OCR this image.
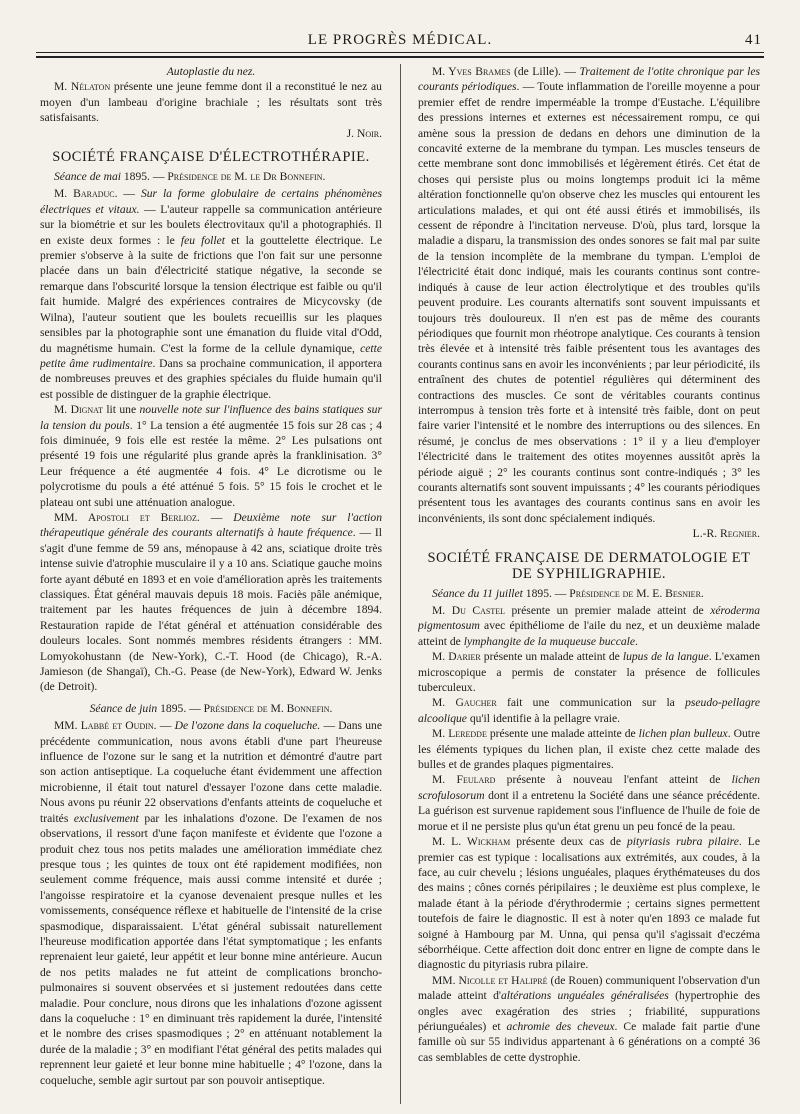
LE PROGRÈS MÉDICAL.	41

Autoplastie du nez.

M. Nélaton présente une jeune femme dont il a reconstitué le nez au moyen d'un lambeau d'origine brachiale ; les résultats sont très satisfaisants.

J. Noir.

SOCIÉTÉ FRANÇAISE D'ÉLECTROTHÉRAPIE.

Séance de mai 1895. — Présidence de M. le Dr Bonnefin.

M. Baraduc. — Sur la forme globulaire de certains phénomènes électriques et vitaux. — L'auteur rappelle sa communication antérieure sur la biométrie et sur les boulets électrovitaux qu'il a photographiés. Il en existe deux formes : le feu follet et la gouttelette électrique. Le premier s'observe à la suite de frictions que l'on fait sur une personne placée dans un bain d'électricité statique négative, la seconde se remarque dans l'obscurité lorsque la tension électrique est faible ou qu'il fait humide. Malgré des expériences contraires de Micycovsky (de Wilna), l'auteur soutient que les boulets recueillis sur les plaques sensibles par la photographie sont une émanation du fluide vital d'Odd, du magnétisme humain. C'est la forme de la cellule dynamique, cette petite âme rudimentaire. Dans sa prochaine communication, il apportera de nombreuses preuves et des graphies spéciales du fluide humain qu'il est possible de distinguer de la graphie électrique.

M. Dignat lit une nouvelle note sur l'influence des bains statiques sur la tension du pouls. 1° La tension a été augmentée 15 fois sur 28 cas ; 4 fois diminuée, 9 fois elle est restée la même. 2° Les pulsations ont présenté 19 fois une régularité plus grande après la franklinisation. 3° Leur fréquence a été augmentée 4 fois. 4° Le dicrotisme ou le polycrotisme du pouls a été atténué 5 fois. 5° 15 fois le crochet et le plateau ont subi une atténuation analogue.

MM. Apostoli et Berlioz. — Deuxième note sur l'action thérapeutique générale des courants alternatifs à haute fréquence. — Il s'agit d'une femme de 59 ans, ménopause à 42 ans, sciatique droite très intense suivie d'atrophie musculaire il y a 10 ans. Sciatique gauche moins forte ayant débuté en 1893 et en voie d'amélioration après les traitements classiques. État général mauvais depuis 18 mois. Faciès pâle anémique, traitement par les hautes fréquences de juin à décembre 1894. Restauration rapide de l'état général et atténuation considérable des douleurs locales. Sont nommés membres résidents étrangers : MM. Lomyokohustann (de New-York), C.-T. Hood (de Chicago), R.-A. Jamieson (de Shangaï), Ch.-G. Pease (de New-York), Edward W. Jenks (de Detroit).

Séance de juin 1895. — Présidence de M. Bonnefin.

MM. Labbé et Oudin. — De l'ozone dans la coqueluche. — Dans une précédente communication, nous avons établi d'une part l'heureuse influence de l'ozone sur le sang et la nutrition et démontré d'autre part son action antiseptique. La coqueluche étant évidemment une affection microbienne, il était tout naturel d'essayer l'ozone dans cette maladie. Nous avons pu réunir 22 observations d'enfants atteints de coqueluche et traités exclusivement par les inhalations d'ozone. De l'examen de nos observations, il ressort d'une façon manifeste et évidente que l'ozone a produit chez tous nos petits malades une amélioration immédiate chez presque tous ; les quintes de toux ont été rapidement modifiées, non seulement comme fréquence, mais aussi comme intensité et durée ; l'angoisse respiratoire et la cyanose devenaient presque nulles et les vomissements, conséquence réflexe et habituelle de l'intensité de la crise spasmodique, disparaissaient. L'état général subissait naturellement l'heureuse modification apportée dans l'état symptomatique ; les enfants reprenaient leur gaieté, leur appétit et leur bonne mine antérieure. Aucun de nos petits malades ne fut atteint de complications broncho-pulmonaires si souvent observées et si justement redoutées dans cette maladie. Pour conclure, nous dirons que les inhalations d'ozone agissent dans la coqueluche : 1° en diminuant très rapidement la durée, l'intensité et le nombre des crises spasmodiques ; 2° en atténuant notablement la durée de la maladie ; 3° en modifiant l'état général des petits malades qui reprennent leur gaieté et leur bonne mine habituelle ; 4° l'ozone, dans la coqueluche, semble agir surtout par son pouvoir antiseptique.

M. Yves Brames (de Lille). — Traitement de l'otite chronique par les courants périodiques. — Toute inflammation de l'oreille moyenne a pour premier effet de rendre imperméable la trompe d'Eustache. L'équilibre des pressions internes et externes est nécessairement rompu, ce qui amène sous la pression de dedans en dehors une diminution de la concavité externe de la membrane du tympan. Les muscles tenseurs de cette membrane sont donc immobilisés et légèrement étirés. Cet état de choses qui persiste plus ou moins longtemps produit ici la même altération fonctionnelle qu'on observe chez les muscles qui entourent les articulations malades, et qui ont été aussi étirés et immobilisés, ils cessent de répondre à l'incitation nerveuse. D'où, plus tard, lorsque la maladie a disparu, la transmission des ondes sonores se fait mal par suite de la tension incomplète de la membrane du tympan. L'emploi de l'électricité était donc indiqué, mais les courants continus sont contre-indiqués à cause de leur action électrolytique et des troubles qu'ils peuvent produire. Les courants alternatifs sont souvent impuissants et toujours très douloureux. Il n'en est pas de même des courants périodiques que fournit mon rhéotrope analytique. Ces courants à tension très élevée et à intensité très faible présentent tous les avantages des courants continus sans en avoir les inconvénients ; par leur périodicité, ils entraînent des chutes de potentiel régulières qui déterminent des contractions des muscles. Ce sont de véritables courants continus interrompus à tension très forte et à intensité très faible, dont on peut faire varier l'intensité et le nombre des interruptions ou des silences. En résumé, je conclus de mes observations : 1° il y a lieu d'employer l'électricité dans le traitement des otites moyennes aussitôt après la période aiguë ; 2° les courants continus sont contre-indiqués ; 3° les courants alternatifs sont souvent impuissants ; 4° les courants périodiques présentent tous les avantages des courants continus sans en avoir les inconvénients, ils sont donc spécialement indiqués.

L.-R. Regnier.

SOCIÉTÉ FRANÇAISE DE DERMATOLOGIE ET DE SYPHILIGRAPHIE.

Séance du 11 juillet 1895. — Présidence de M. E. Besnier.

M. Du Castel présente un premier malade atteint de xéroderma pigmentosum avec épithéliome de l'aile du nez, et un deuxième malade atteint de lymphangite de la muqueuse buccale.

M. Darier présente un malade atteint de lupus de la langue. L'examen microscopique a permis de constater la présence de follicules tuberculeux.

M. Gaucher fait une communication sur la pseudo-pellagre alcoolique qu'il identifie à la pellagre vraie.

M. Leredde présente une malade atteinte de lichen plan bulleux. Outre les éléments typiques du lichen plan, il existe chez cette malade des bulles et de grandes plaques pigmentaires.

M. Feulard présente à nouveau l'enfant atteint de lichen scrofulosorum dont il a entretenu la Société dans une séance précédente. La guérison est survenue rapidement sous l'influence de l'huile de foie de morue et il ne persiste plus qu'un état grenu un peu foncé de la peau.

M. L. Wickham présente deux cas de pityriasis rubra pilaire. Le premier cas est typique : localisations aux extrémités, aux coudes, à la face, au cuir chevelu ; lésions unguéales, plaques érythémateuses du dos des mains ; cônes cornés péripilaires ; le deuxième est plus complexe, le malade étant à la période d'érythrodermie ; certains signes permettent toutefois de faire le diagnostic. Il est à noter qu'en 1893 ce malade fut soigné à Hambourg par M. Unna, qui pensa qu'il s'agissait d'eczéma séborrhéique. Cette affection doit donc entrer en ligne de compte dans le diagnostic du pityriasis rubra pilaire.

MM. Nicolle et Halipré (de Rouen) communiquent l'observation d'un malade atteint d'altérations unguéales généralisées (hypertrophie des ongles avec exagération des stries ; friabilité, suppurations périunguéales) et achromie des cheveux. Ce malade fait partie d'une famille où sur 55 individus appartenant à 6 générations on a compté 36 cas semblables de cette dystrophie.
